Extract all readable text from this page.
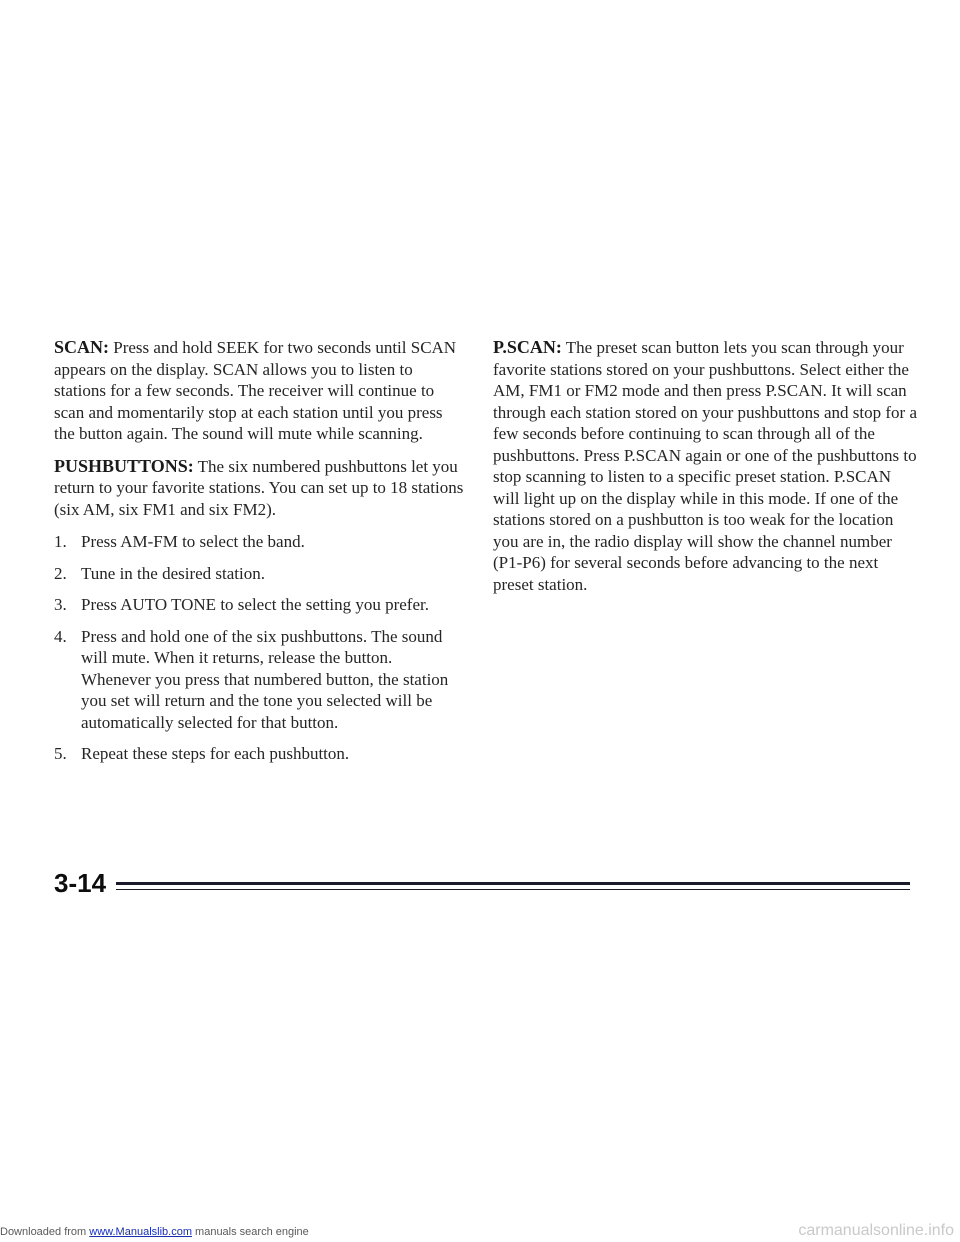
SCAN: Press and hold SEEK for two seconds until SCAN appears on the display. SCAN allows you to listen to stations for a few seconds. The receiver will continue to scan and momentarily stop at each station until you press the button again. The sound will mute while scanning.

PUSHBUTTONS: The six numbered pushbuttons let you return to your favorite stations. You can set up to 18 stations (six AM, six FM1 and six FM2).

1. Press AM-FM to select the band.
2. Tune in the desired station.
3. Press AUTO TONE to select the setting you prefer.
4. Press and hold one of the six pushbuttons. The sound will mute. When it returns, release the button. Whenever you press that numbered button, the station you set will return and the tone you selected will be automatically selected for that button.
5. Repeat these steps for each pushbutton.

P.SCAN: The preset scan button lets you scan through your favorite stations stored on your pushbuttons. Select either the AM, FM1 or FM2 mode and then press P.SCAN. It will scan through each station stored on your pushbuttons and stop for a few seconds before continuing to scan through all of the pushbuttons. Press P.SCAN again or one of the pushbuttons to stop scanning to listen to a specific preset station. P.SCAN will light up on the display while in this mode. If one of the stations stored on a pushbutton is too weak for the location you are in, the radio display will show the channel number (P1-P6) for several seconds before advancing to the next preset station.

3-14
Downloaded from www.Manualslib.com manuals search engine	carmanualsonline.info
